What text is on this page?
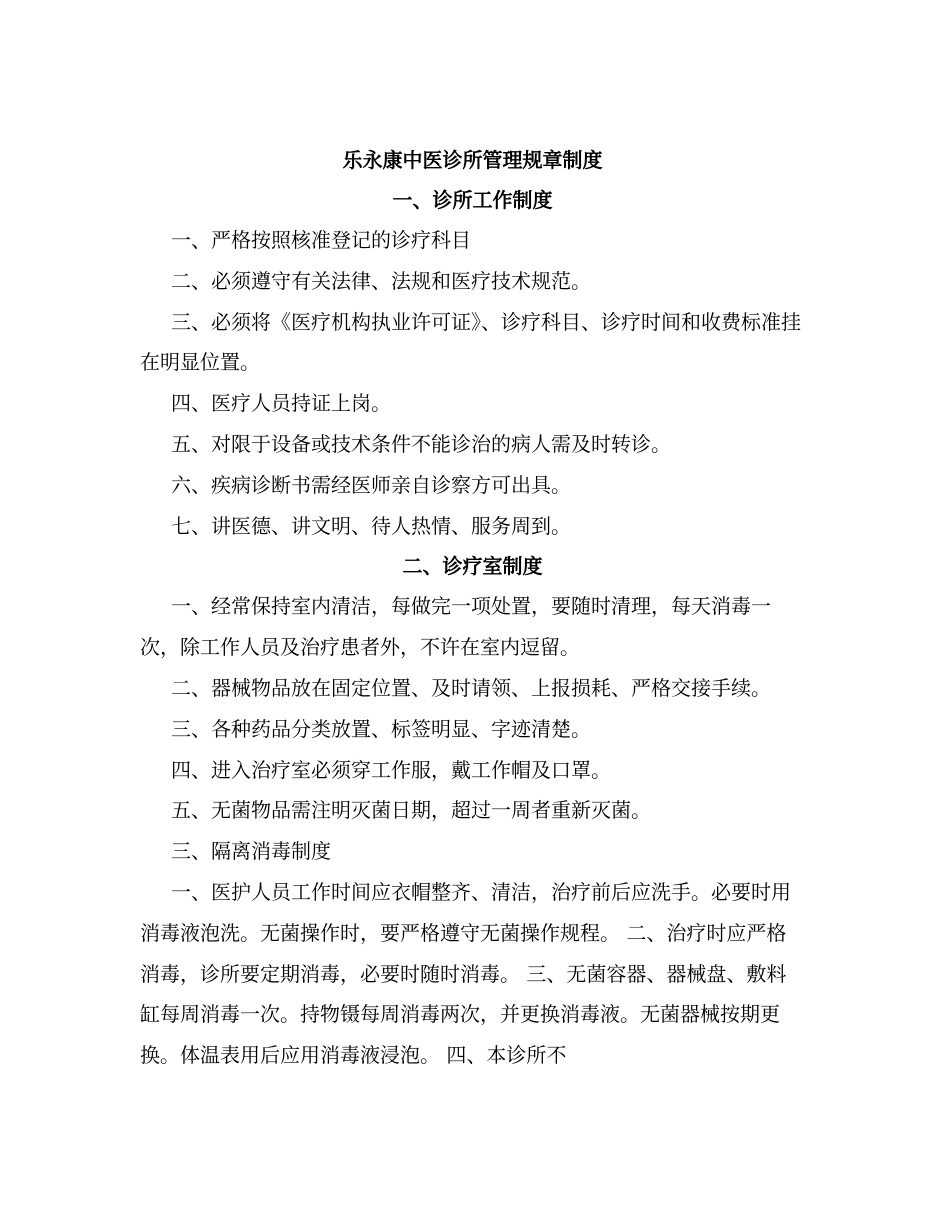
乐永康中医诊所管理规章制度
一、诊所工作制度

一、严格按照核准登记的诊疗科目

二、必须遵守有关法律、法规和医疗技术规范。

三、必须将《医疗机构执业许可证》、诊疗科目、诊疗时间和收费标准挂在明显位置。

四、医疗人员持证上岗。

五、对限于设备或技术条件不能诊治的病人需及时转诊。

六、疾病诊断书需经医师亲自诊察方可出具。

七、讲医德、讲文明、待人热情、服务周到。

二、诊疗室制度

一、经常保持室内清洁，每做完一项处置，要随时清理，每天消毒一次，除工作人员及治疗患者外，不许在室内逗留。

二、器械物品放在固定位置、及时请领、上报损耗、严格交接手续。

三、各种药品分类放置、标签明显、字迹清楚。

四、进入治疗室必须穿工作服，戴工作帽及口罩。

五、无菌物品需注明灭菌日期，超过一周者重新灭菌。

三、隔离消毒制度

一、医护人员工作时间应衣帽整齐、清洁，治疗前后应洗手。必要时用消毒液泡洗。无菌操作时，要严格遵守无菌操作规程。 二、治疗时应严格消毒，诊所要定期消毒，必要时随时消毒。 三、无菌容器、器械盘、敷料缸每周消毒一次。持物镊每周消毒两次，并更换消毒液。无菌器械按期更换。体温表用后应用消毒液浸泡。 四、本诊所不
